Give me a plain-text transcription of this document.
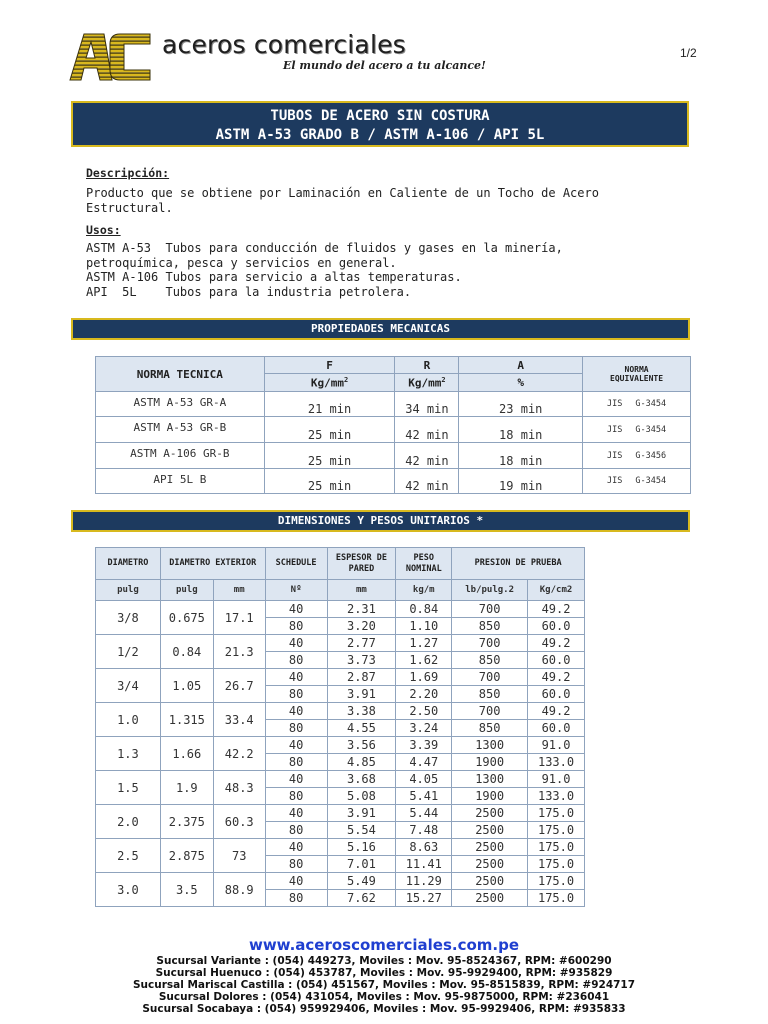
aceros comerciales
El mundo del acero a tu alcance!
1/2
TUBOS DE ACERO SIN COSTURA
ASTM A-53 GRADO B / ASTM A-106 / API 5L
Descripción:
Producto que se obtiene por Laminación en Caliente de un Tocho de Acero
Estructural.
Usos:
ASTM A-53  Tubos para conducción de fluidos y gases en la minería,
petroquímica, pesca y servicios en general.
ASTM A-106 Tubos para servicio a altas temperaturas.
API  5L    Tubos para la industria petrolera.
PROPIEDADES MECANICAS
NORMA TECNICA	F	R	A	NORMA
EQUIVALENTE

	$Kg/mm^2$	$Kg/mm^2$	%	
ASTM A-53 GR-A	21 min	34 min	23 min	JIS G-3454
ASTM A-53 GR-B	25 min	42 min	18 min	JIS G-3454
ASTM A-106 GR-B	25 min	42 min	18 min	JIS G-3456
API 5L B	25 min	42 min	19 min	JIS G-3454
DIMENSIONES Y PESOS UNITARIOS *
DIAMETRO	DIAMETRO EXTERIOR		SCHEDULE	ESPESOR DE PARED	PESO NOMINAL	PRESION DE PRUEBA	
pulg	pulg	mm	Nº	mm	kg/m	lb/pulg.2	Kg/cm2
3/8	0.675	17.1	40	2.31	0.84	700	49.2
			80	3.20	1.10	850	60.0
1/2	0.84	21.3	40	2.77	1.27	700	49.2
			80	3.73	1.62	850	60.0
3/4	1.05	26.7	40	2.87	1.69	700	49.2
			80	3.91	2.20	850	60.0
1.0	1.315	33.4	40	3.38	2.50	700	49.2
			80	4.55	3.24	850	60.0
1.3	1.66	42.2	40	3.56	3.39	1300	91.0
			80	4.85	4.47	1900	133.0
1.5	1.9	48.3	40	3.68	4.05	1300	91.0
			80	5.08	5.41	1900	133.0
2.0	2.375	60.3	40	3.91	5.44	2500	175.0
			80	5.54	7.48	2500	175.0
2.5	2.875	73	40	5.16	8.63	2500	175.0
			80	7.01	11.41	2500	175.0
3.0	3.5	88.9	40	5.49	11.29	2500	175.0
			80	7.62	15.27	2500	175.0
www.aceroscomerciales.com.pe
Sucursal Variante : (054) 449273, Moviles : Mov. 95-8524367, RPM: #600290
Sucursal Huenuco : (054) 453787, Moviles : Mov. 95-9929400, RPM: #935829
Sucursal Mariscal Castilla : (054) 451567, Moviles : Mov. 95-8515839, RPM: #924717
Sucursal Dolores : (054) 431054, Moviles : Mov. 95-9875000, RPM: #236041
Sucursal Socabaya : (054) 959929406, Moviles : Mov. 95-9929406, RPM: #935833
